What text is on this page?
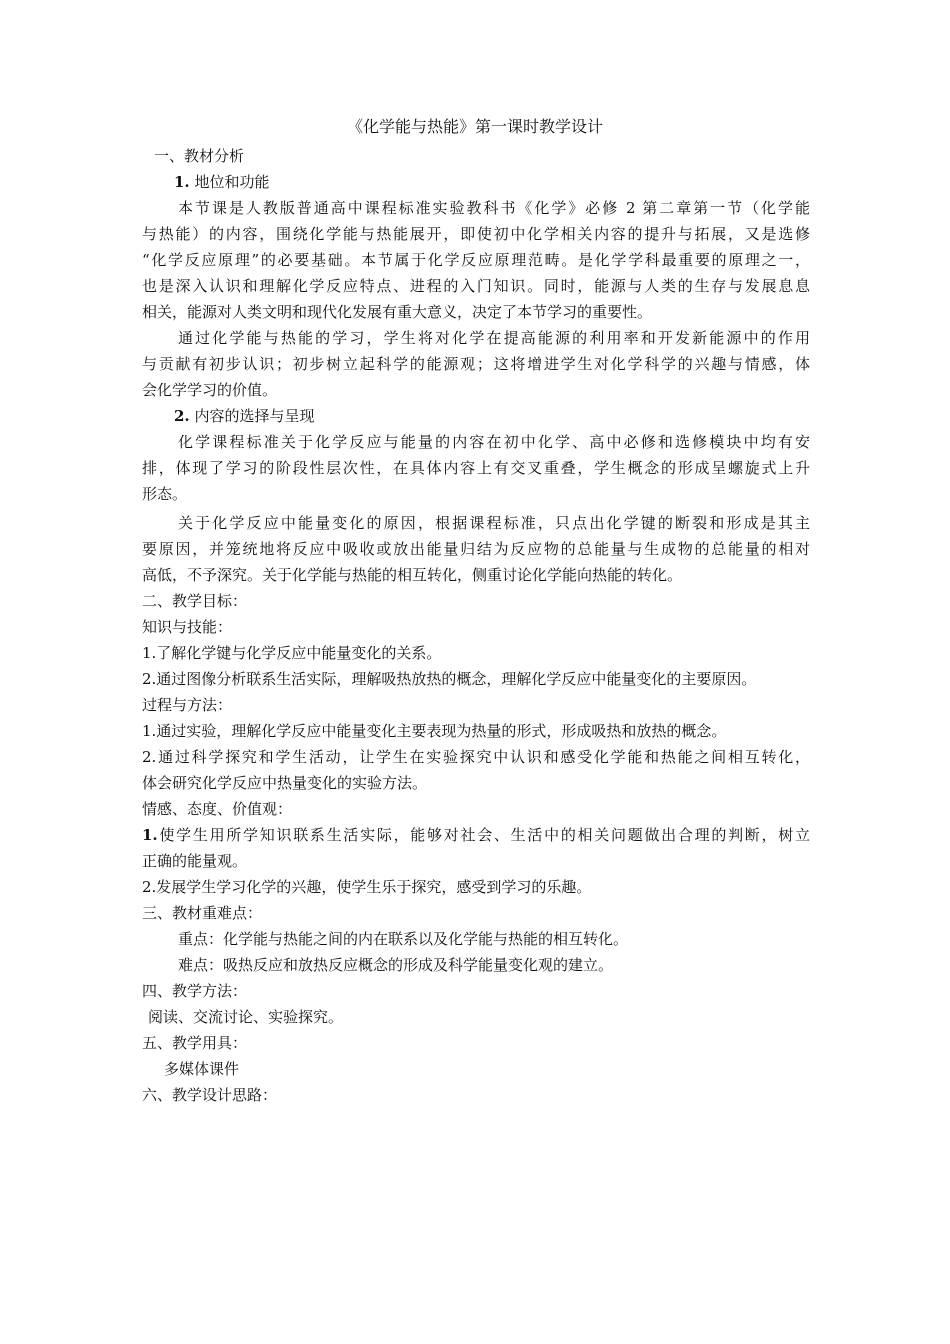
《化学能与热能》第一课时教学设计
一、教材分析
1. 地位和功能
本节课是人教版普通高中课程标准实验教科书《化学》必修 2 第二章第一节（化学能
与热能）的内容，围绕化学能与热能展开，即使初中化学相关内容的提升与拓展，又是选修
“化学反应原理”的必要基础。本节属于化学反应原理范畴。是化学学科最重要的原理之一，
也是深入认识和理解化学反应特点、进程的入门知识。同时，能源与人类的生存与发展息息
相关，能源对人类文明和现代化发展有重大意义，决定了本节学习的重要性。
通过化学能与热能的学习，学生将对化学在提高能源的利用率和开发新能源中的作用
与贡献有初步认识；初步树立起科学的能源观；这将增进学生对化学科学的兴趣与情感，体
会化学学习的价值。
2. 内容的选择与呈现
化学课程标准关于化学反应与能量的内容在初中化学、高中必修和选修模块中均有安
排，体现了学习的阶段性层次性，在具体内容上有交叉重叠，学生概念的形成呈螺旋式上升
形态。
关于化学反应中能量变化的原因，根据课程标准，只点出化学键的断裂和形成是其主
要原因，并笼统地将反应中吸收或放出能量归结为反应物的总能量与生成物的总能量的相对
高低，不予深究。关于化学能与热能的相互转化，侧重讨论化学能向热能的转化。
二、教学目标：
知识与技能：
1.了解化学键与化学反应中能量变化的关系。
2.通过图像分析联系生活实际，理解吸热放热的概念，理解化学反应中能量变化的主要原因。
过程与方法：
1.通过实验，理解化学反应中能量变化主要表现为热量的形式，形成吸热和放热的概念。
2.通过科学探究和学生活动，让学生在实验探究中认识和感受化学能和热能之间相互转化，
体会研究化学反应中热量变化的实验方法。
情感、态度、价值观：
1.使学生用所学知识联系生活实际，能够对社会、生活中的相关问题做出合理的判断，树立
正确的能量观。
2.发展学生学习化学的兴趣，使学生乐于探究，感受到学习的乐趣。
三、教材重难点：
重点：化学能与热能之间的内在联系以及化学能与热能的相互转化。
难点：吸热反应和放热反应概念的形成及科学能量变化观的建立。
四、教学方法：
阅读、交流讨论、实验探究。
五、教学用具：
多媒体课件
六、教学设计思路：
